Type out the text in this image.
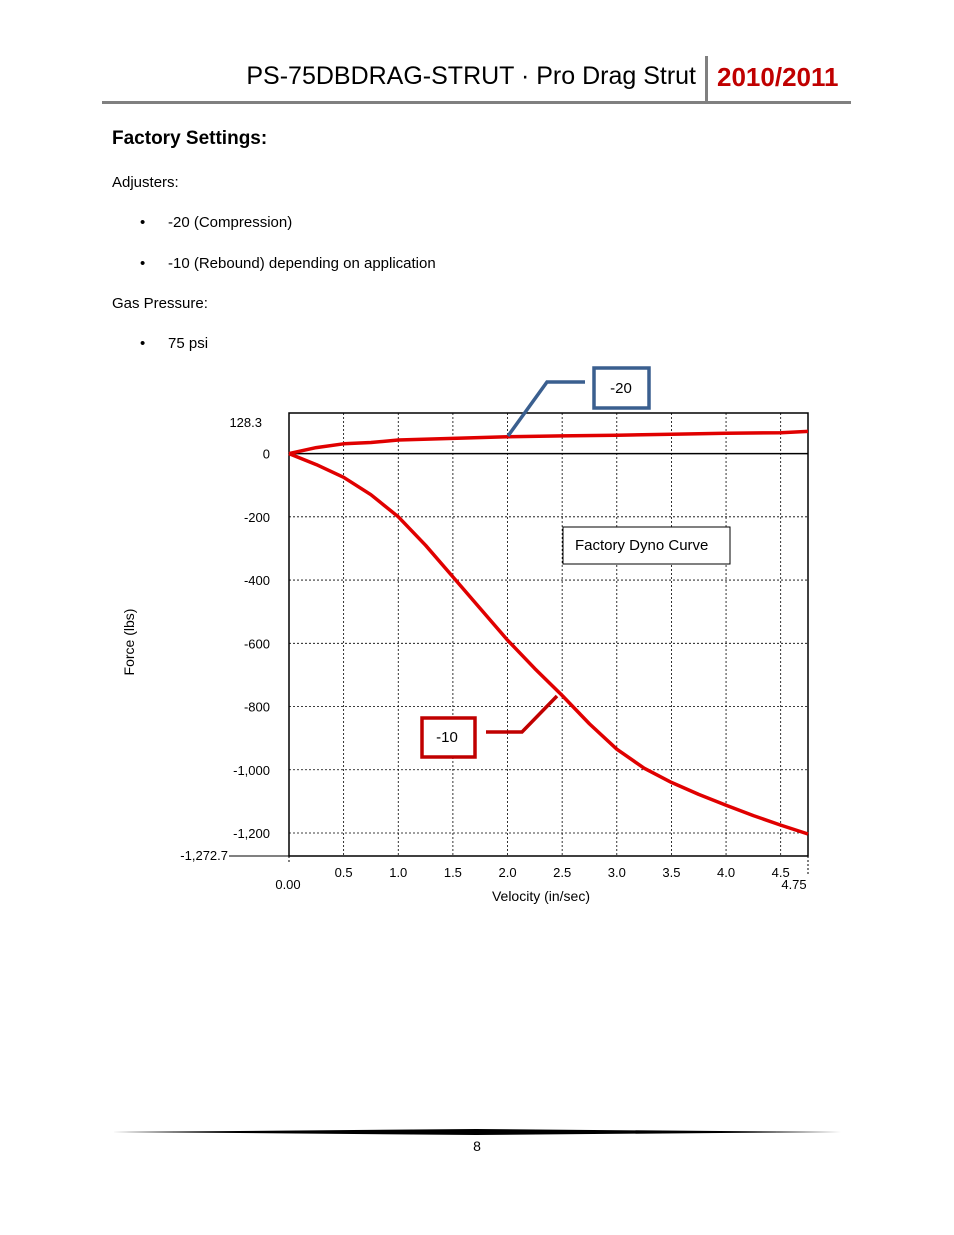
PS-75DBDRAG-STRUT · Pro Drag Strut 2010/2011
Factory Settings:
Adjusters:
• -20 (Compression)
• -10 (Rebound) depending on application
Gas Pressure:
• 75 psi
0.5	1.0	1.5	2.0	2.5	3.0	3.5	4.0	4.5
0
-200
-400
-600
-800
-1,000
-1,200
0.00	4.75
128.3
-1,272.7
Velocity (in/sec)
Force (lbs)
Factory Dyno Curve
-20
-10
8
